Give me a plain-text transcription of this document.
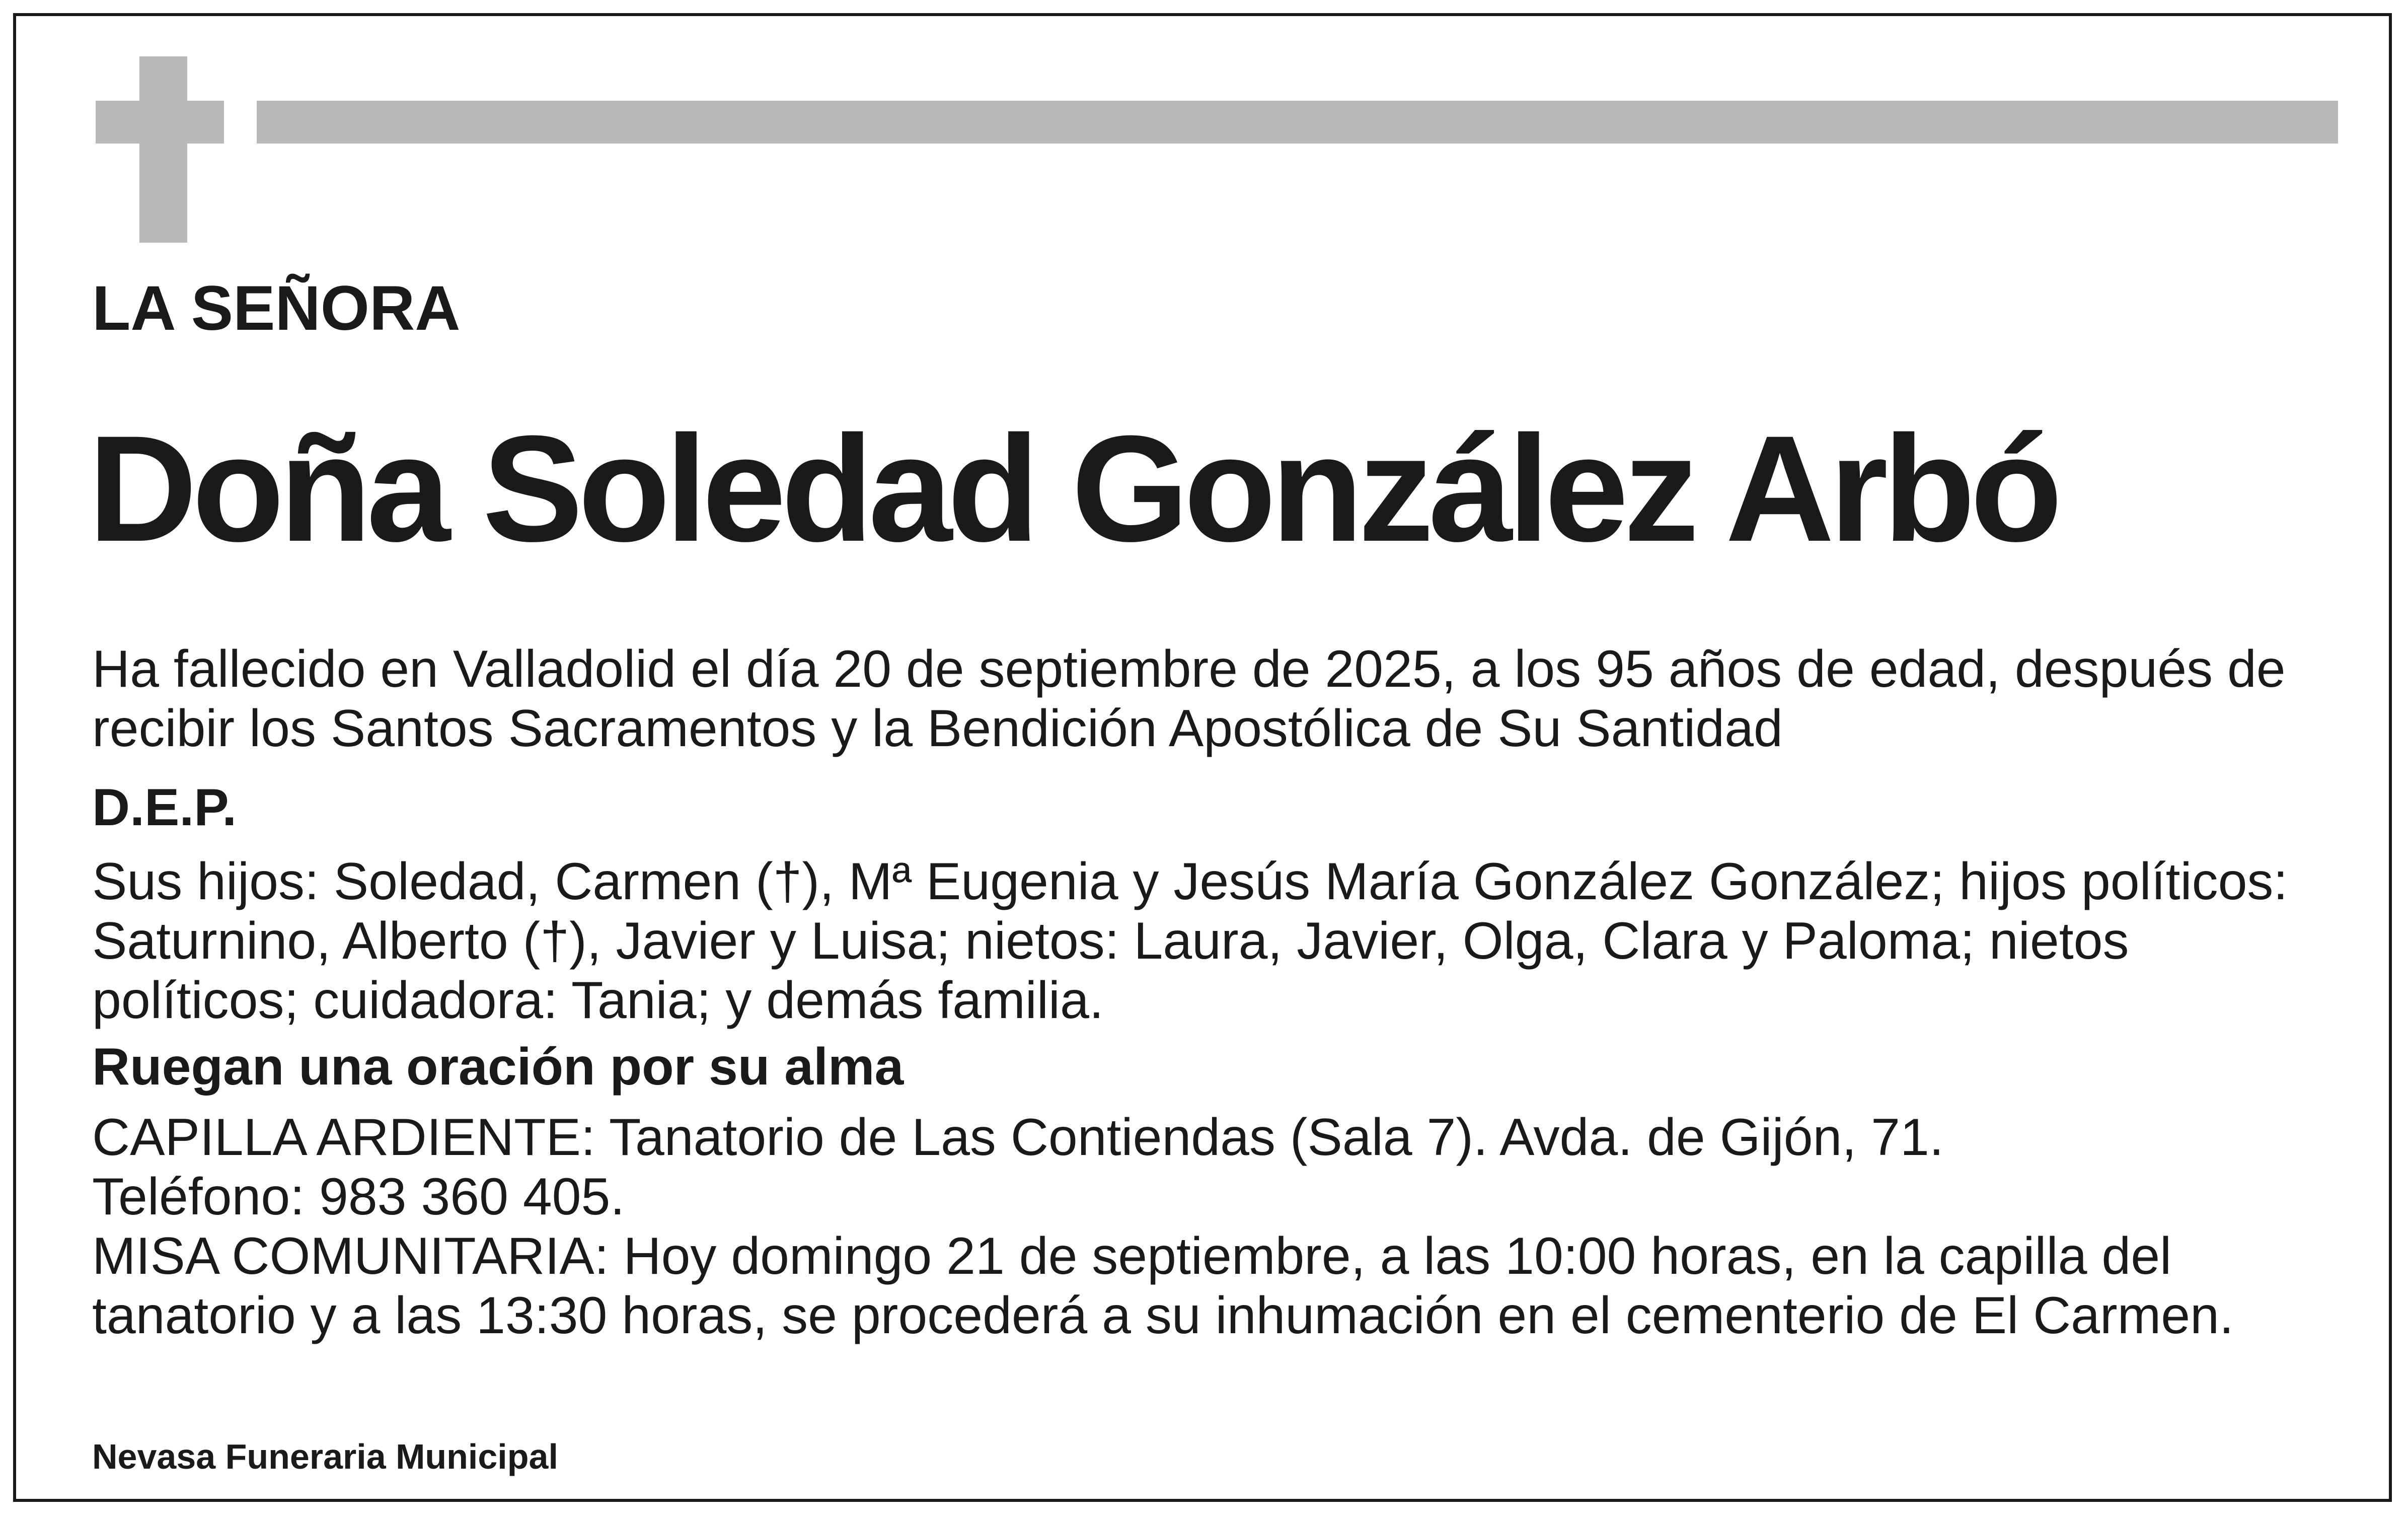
LA SEÑORA
Doña Soledad González Arbó

Ha fallecido en Valladolid el día 20 de septiembre de 2025, a los 95 años de edad, después de recibir los Santos Sacramentos y la Bendición Apostólica de Su Santidad

D.E.P.

Sus hijos: Soledad, Carmen (†), Mª Eugenia y Jesús María González González; hijos políticos: Saturnino, Alberto (†), Javier y Luisa; nietos: Laura, Javier, Olga, Clara y Paloma; nietos políticos; cuidadora: Tania; y demás familia.

Ruegan una oración por su alma

CAPILLA ARDIENTE: Tanatorio de Las Contiendas (Sala 7). Avda. de Gijón, 71.

Teléfono: 983 360 405.

MISA COMUNITARIA: Hoy domingo 21 de septiembre, a las 10:00 horas, en la capilla del tanatorio y a las 13:30 horas, se procederá a su inhumación en el cementerio de El Carmen.

Nevasa Funeraria Municipal
